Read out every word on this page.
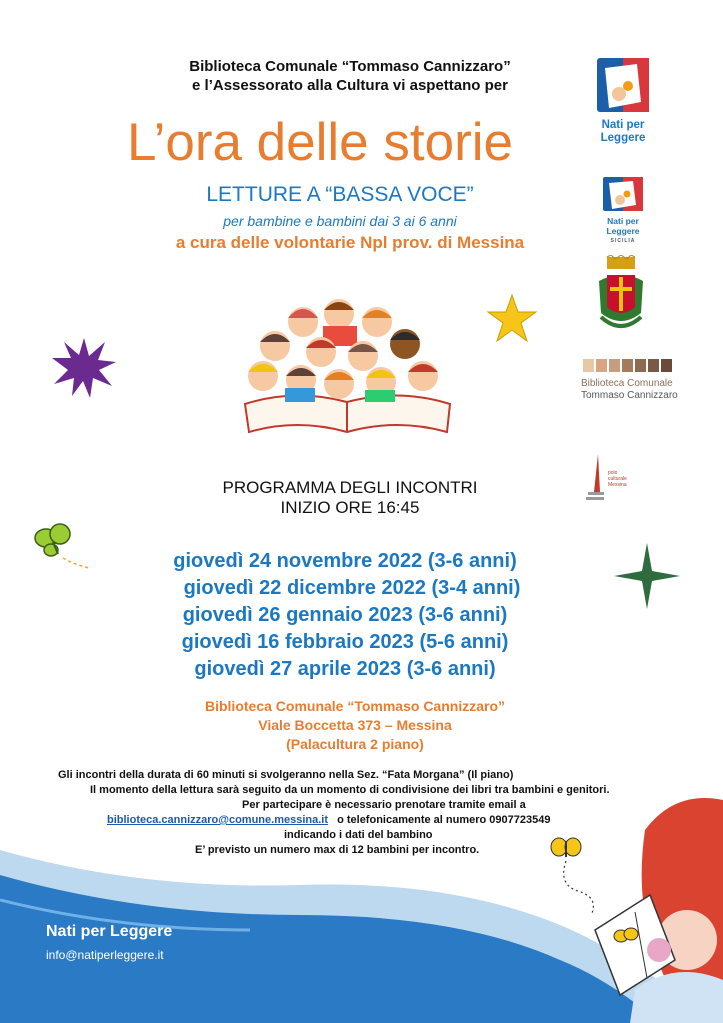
Biblioteca Comunale “Tommaso Cannizzaro”
e l’Assessorato alla Cultura vi aspettano per
L’ora delle storie
LETTURE A “BASSA VOCE”
per bambine e bambini dai 3 ai 6 anni
a cura delle volontarie Npl prov. di Messina
Nati per
Leggere
Nati per
Leggere
SICILIA
Biblioteca Comunale
Tommaso Cannizzaro
polo
culturale
Messina
PROGRAMMA DEGLI INCONTRI
INIZIO ORE 16:45
giovedì 24 novembre 2022 (3-6 anni)
giovedì 22 dicembre 2022 (3-4 anni)
giovedì 26 gennaio 2023 (3-6 anni)
giovedì 16 febbraio 2023 (5-6 anni)
giovedì 27 aprile 2023 (3-6 anni)
Biblioteca Comunale “Tommaso Cannizzaro”
Viale Boccetta 373 – Messina
(Palacultura 2 piano)
Gli incontri della durata di 60 minuti si svolgeranno nella Sez. “Fata Morgana” (Il piano)
Il momento della lettura sarà seguito da un momento di condivisione dei libri tra bambini e genitori.
Per partecipare è necessario prenotare tramite email a
biblioteca.cannizzaro@comune.messina.it o telefonicamente al numero 0907723549
indicando i dati del bambino
E’ previsto un numero max di 12 bambini per incontro.
Nati per Leggere
info@natiperleggere.it
